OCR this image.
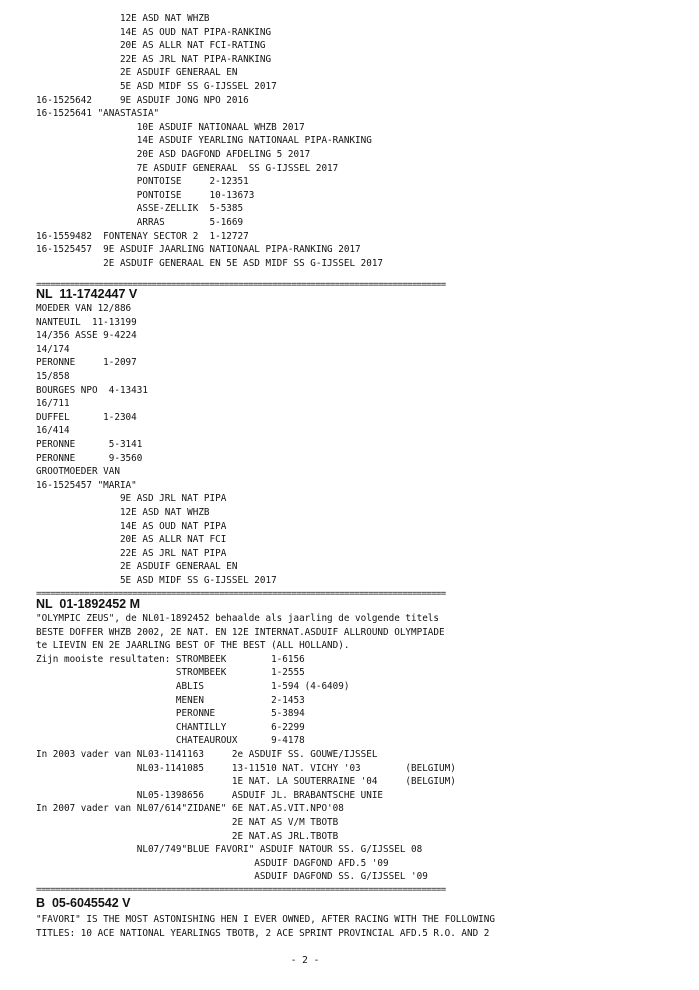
12E ASD NAT WHZB
14E AS OUD NAT PIPA-RANKING
20E AS ALLR NAT FCI-RATING
22E AS JRL NAT PIPA-RANKING
2E ASDUIF GENERAAL EN
5E ASD MIDF SS G-IJSSEL 2017
16-1525642     9E ASDUIF JONG NPO 2016
16-1525641 "ANASTASIA"
10E ASDUIF NATIONAAL WHZB 2017
14E ASDUIF YEARLING NATIONAAL PIPA-RANKING
20E ASD DAGFOND AFDELING 5 2017
7E ASDUIF GENERAAL  SS G-IJSSEL 2017
PONTOISE     2-12351
PONTOISE     10-13673
ASSE-ZELLIK  5-5385
ARRAS        5-1669
16-1559482  FONTENAY SECTOR 2  1-12727
16-1525457  9E ASDUIF JAARLING NATIONAAL PIPA-RANKING 2017
2E ASDUIF GENERAAL EN 5E ASD MIDF SS G-IJSSEL 2017
=====================================================================================
NL  11-1742447 V
MOEDER VAN 12/886
NANTEUIL  11-13199
14/356 ASSE 9-4224
14/174
PERONNE     1-2097
15/858
BOURGES NPO  4-13431
16/711
DUFFEL      1-2304
16/414
PERONNE      5-3141
PERONNE      9-3560
GROOTMOEDER VAN
16-1525457 "MARIA"
9E ASD JRL NAT PIPA
12E ASD NAT WHZB
14E AS OUD NAT PIPA
20E AS ALLR NAT FCI
22E AS JRL NAT PIPA
2E ASDUIF GENERAAL EN
5E ASD MIDF SS G-IJSSEL 2017
=====================================================================================
NL  01-1892452 M
"OLYMPIC ZEUS", de NL01-1892452 behaalde als jaarling de volgende titels
BESTE DOFFER WHZB 2002, 2E NAT. EN 12E INTERNAT.ASDUIF ALLROUND OLYMPIADE
te LIEVIN EN 2E JAARLING BEST OF THE BEST (ALL HOLLAND).
Zijn mooiste resultaten: STROMBEEK        1-6156
STROMBEEK        1-2555
ABLIS            1-594 (4-6409)
MENEN            2-1453
PERONNE          5-3894
CHANTILLY        6-2299
CHATEAUROUX      9-4178
In 2003 vader van NL03-1141163     2e ASDUIF SS. GOUWE/IJSSEL
NL03-1141085     13-11510 NAT. VICHY '03        (BELGIUM)
1E NAT. LA SOUTERRAINE '04     (BELGIUM)
NL05-1398656     ASDUIF JL. BRABANTSCHE UNIE
In 2007 vader van NL07/614"ZIDANE" 6E NAT.AS.VIT.NPO'08
2E NAT AS V/M TBOTB
2E NAT.AS JRL.TBOTB
NL07/749"BLUE FAVORI" ASDUIF NATOUR SS. G/IJSSEL 08
ASDUIF DAGFOND AFD.5 '09
ASDUIF DAGFOND SS. G/IJSSEL '09
=====================================================================================
B  05-6045542 V
"FAVORI" IS THE MOST ASTONISHING HEN I EVER OWNED, AFTER RACING WITH THE FOLLOWING
TITLES: 10 ACE NATIONAL YEARLINGS TBOTB, 2 ACE SPRINT PROVINCIAL AFD.5 R.O. AND 2
- 2 -
